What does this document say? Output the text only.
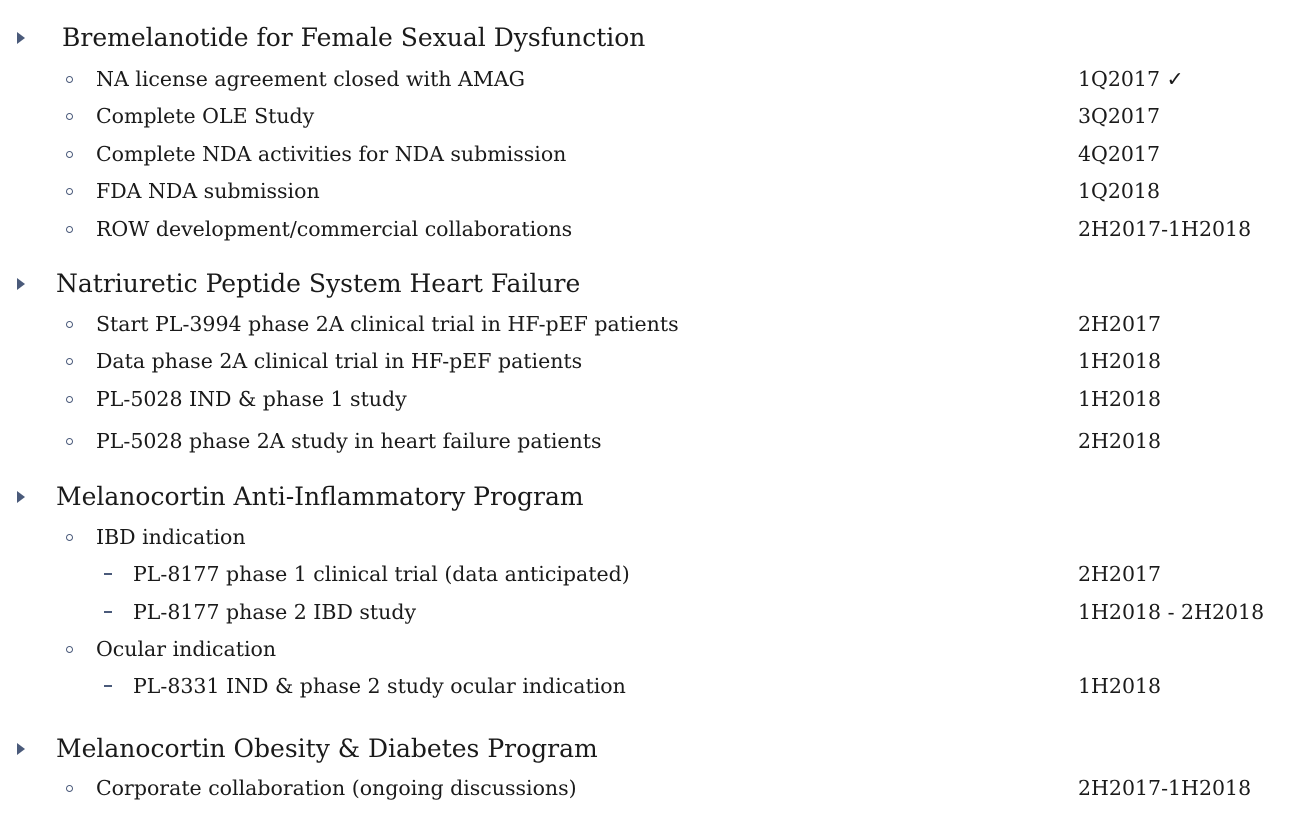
Bremelanotide for Female Sexual Dysfunction
NA license agreement closed with AMAG	1Q2017 ✓
Complete OLE Study	3Q2017
Complete NDA activities for NDA submission	4Q2017
FDA NDA submission	1Q2018
ROW development/commercial collaborations	2H2017-1H2018
Natriuretic Peptide System Heart Failure
Start PL-3994 phase 2A clinical trial in HF-pEF patients	2H2017
Data phase 2A clinical trial in HF-pEF patients	1H2018
PL-5028 IND & phase 1 study	1H2018
PL-5028 phase 2A study in heart failure patients	2H2018
Melanocortin Anti-Inflammatory Program
IBD indication
PL-8177 phase 1 clinical trial (data anticipated)	2H2017
PL-8177 phase 2 IBD study	1H2018 - 2H2018
Ocular indication
PL-8331 IND & phase 2 study ocular indication	1H2018
Melanocortin Obesity & Diabetes Program
Corporate collaboration (ongoing discussions)	2H2017-1H2018
